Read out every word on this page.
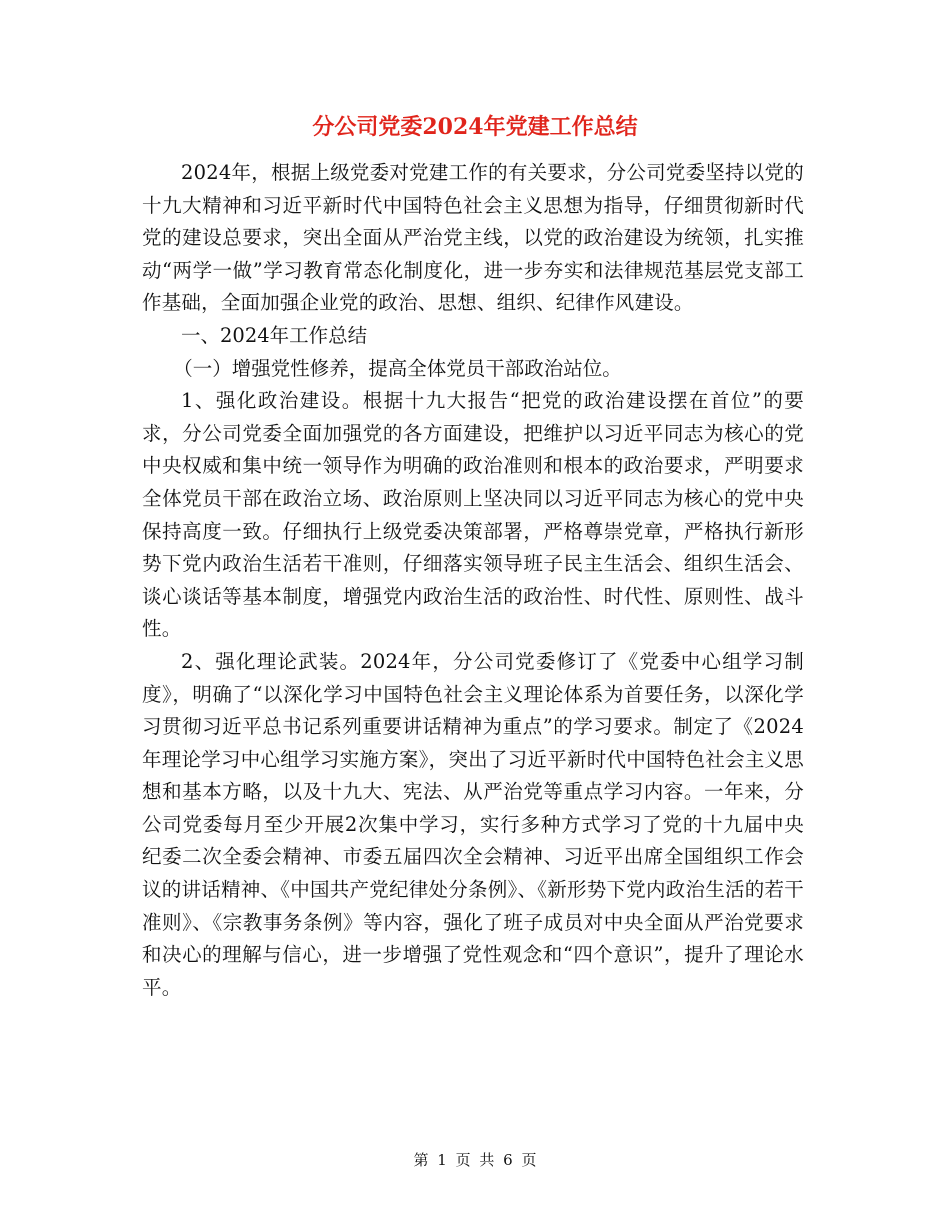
分公司党委2024年党建工作总结

2024年，根据上级党委对党建工作的有关要求，分公司党委坚持以党的十九大精神和习近平新时代中国特色社会主义思想为指导，仔细贯彻新时代党的建设总要求，突出全面从严治党主线，以党的政治建设为统领，扎实推动“两学一做”学习教育常态化制度化，进一步夯实和法律规范基层党支部工作基础，全面加强企业党的政治、思想、组织、纪律作风建设。

一、2024年工作总结

（一）增强党性修养，提高全体党员干部政治站位。

1、强化政治建设。根据十九大报告“把党的政治建设摆在首位”的要求，分公司党委全面加强党的各方面建设，把维护以习近平同志为核心的党中央权威和集中统一领导作为明确的政治准则和根本的政治要求，严明要求全体党员干部在政治立场、政治原则上坚决同以习近平同志为核心的党中央保持高度一致。仔细执行上级党委决策部署，严格尊崇党章，严格执行新形势下党内政治生活若干准则，仔细落实领导班子民主生活会、组织生活会、谈心谈话等基本制度，增强党内政治生活的政治性、时代性、原则性、战斗性。

2、强化理论武装。2024年，分公司党委修订了《党委中心组学习制度》，明确了“以深化学习中国特色社会主义理论体系为首要任务，以深化学习贯彻习近平总书记系列重要讲话精神为重点”的学习要求。制定了《2024年理论学习中心组学习实施方案》，突出了习近平新时代中国特色社会主义思想和基本方略，以及十九大、宪法、从严治党等重点学习内容。一年来，分公司党委每月至少开展2次集中学习，实行多种方式学习了党的十九届中央纪委二次全委会精神、市委五届四次全会精神、习近平出席全国组织工作会议的讲话精神、《中国共产党纪律处分条例》、《新形势下党内政治生活的若干准则》、《宗教事务条例》等内容，强化了班子成员对中央全面从严治党要求和决心的理解与信心，进一步增强了党性观念和“四个意识”，提升了理论水平。

第 1 页 共 6 页
